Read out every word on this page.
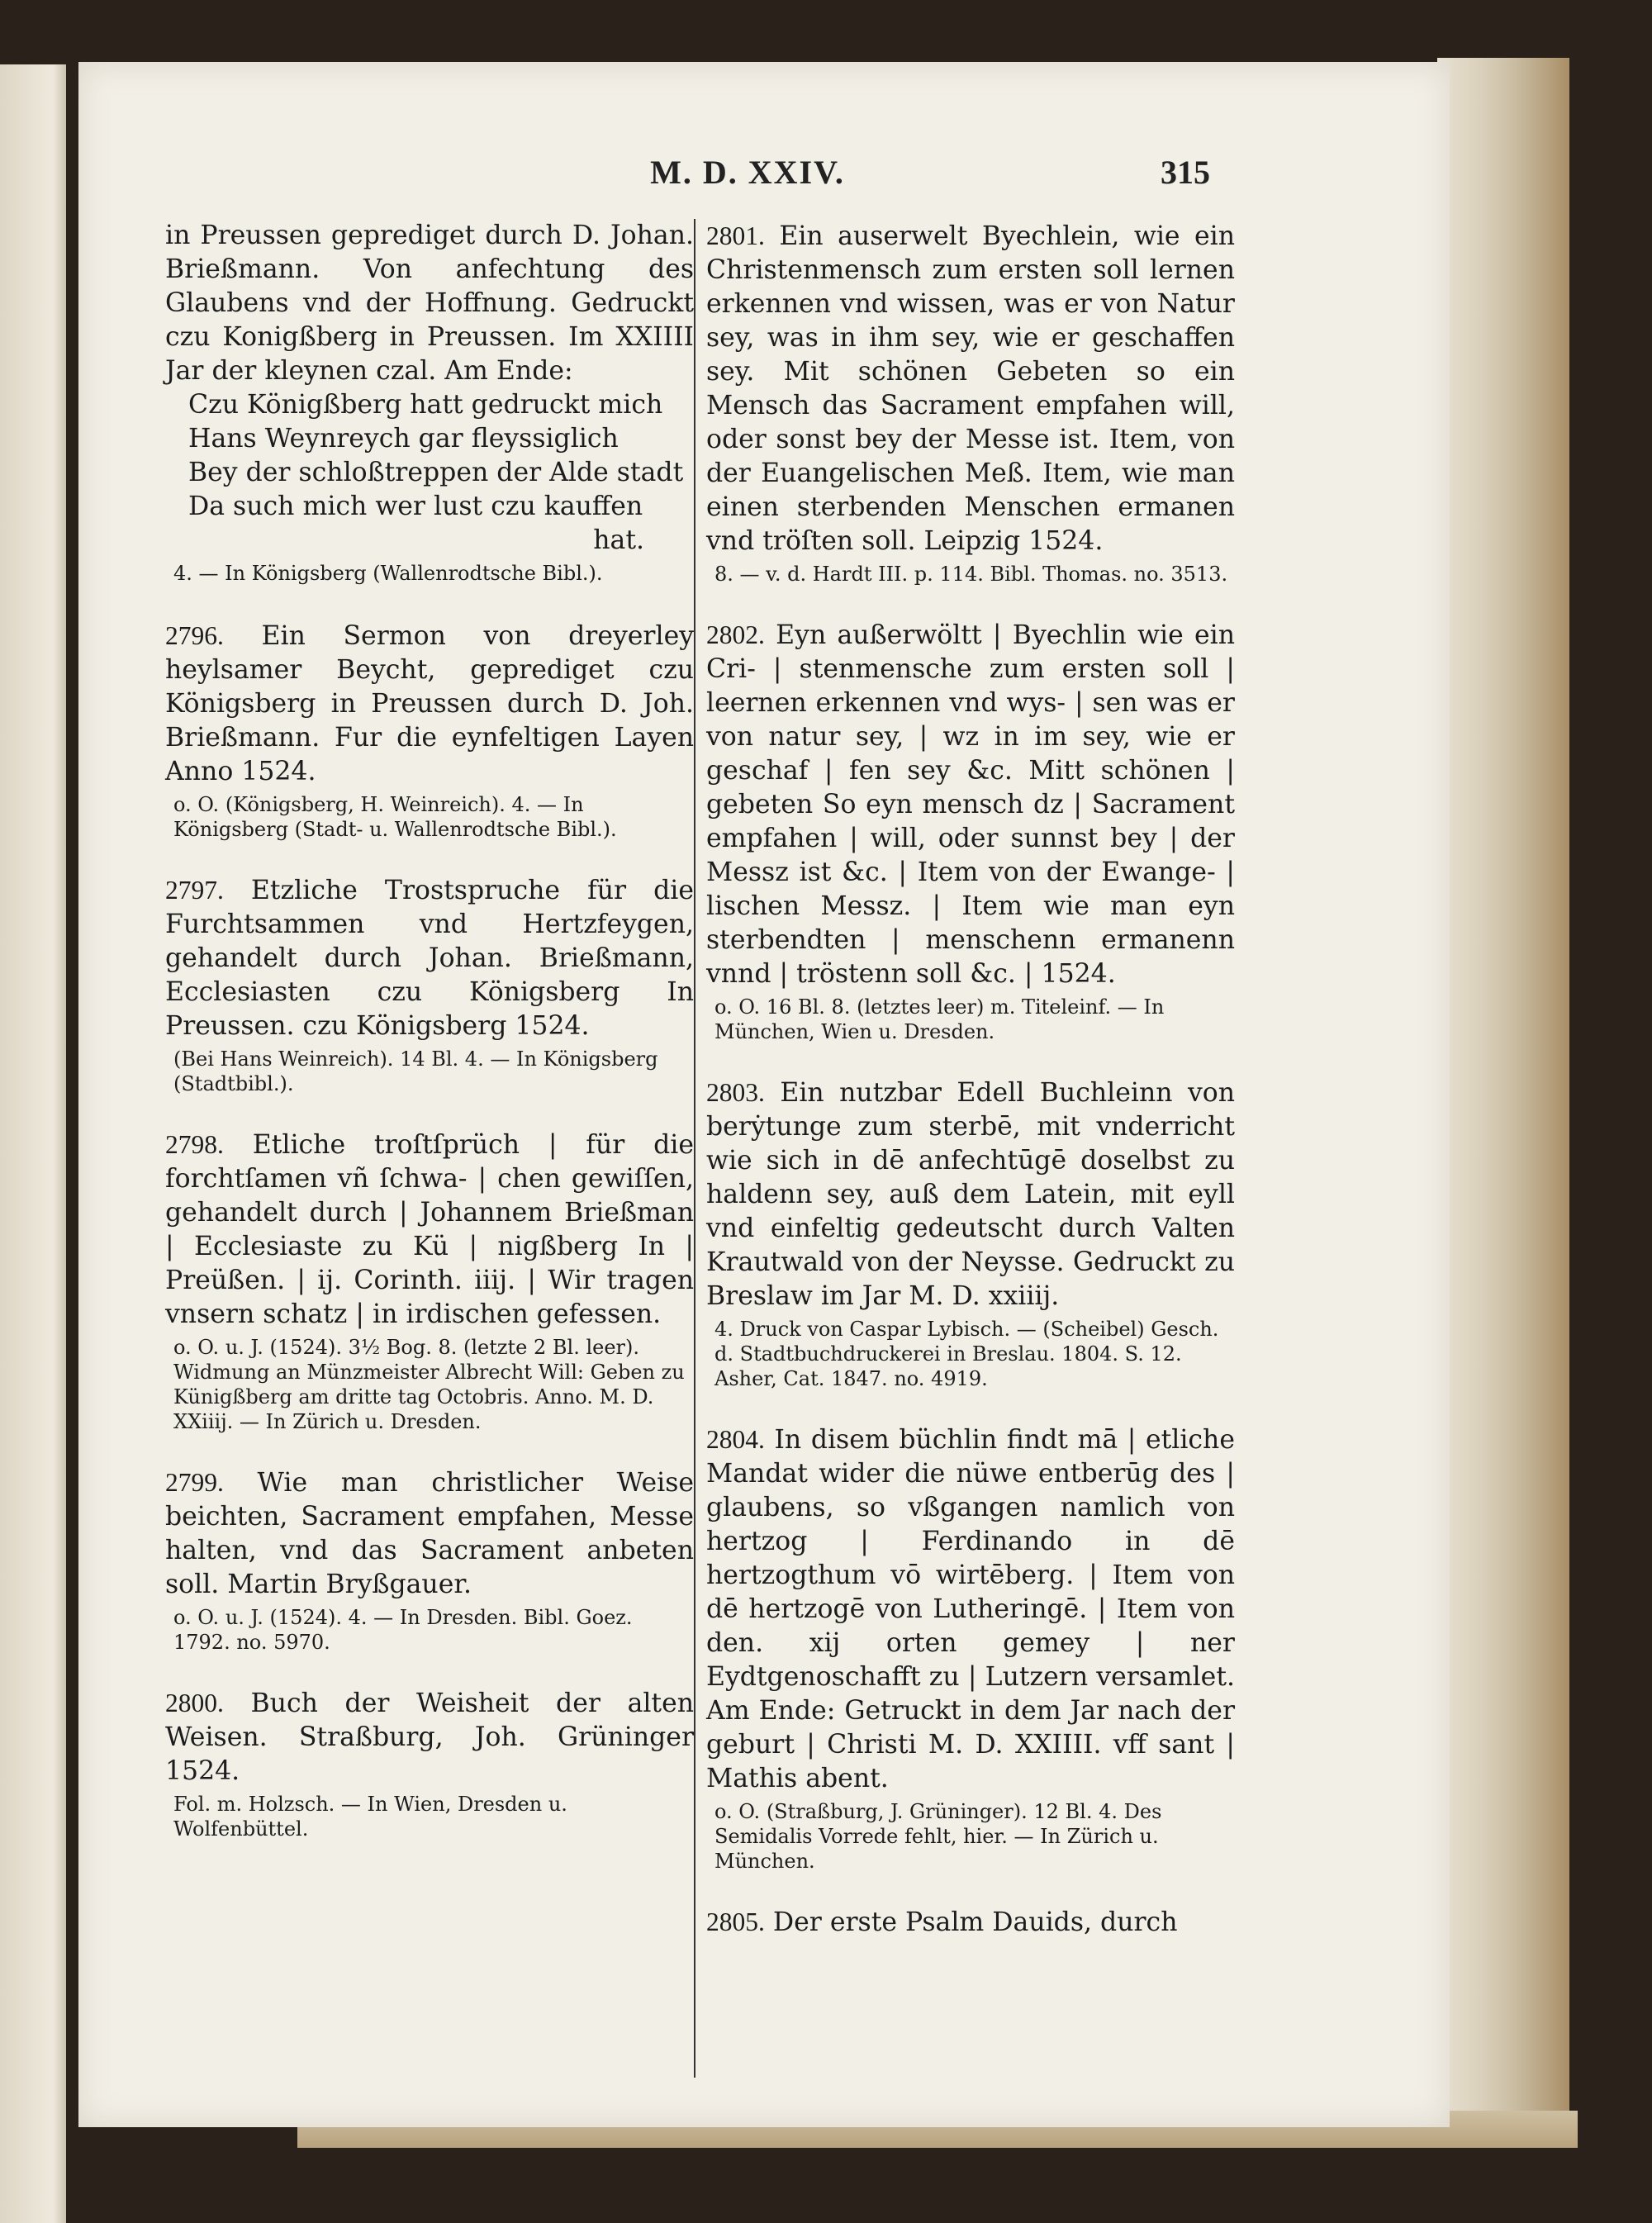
M. D. XXIV.	315

in Preussen geprediget durch D. Johan. Brießmann. Von anfechtung des Glaubens vnd der Hoffnung. Gedruckt czu Konigßberg in Preussen. Im XXIIII Jar der kleynen czal. Am Ende:

Czu Königßberg hatt gedruckt mich

Hans Weynreych gar fleyssiglich

Bey der schloßtreppen der Alde stadt

Da such mich wer lust czu kauffen

hat.

4. — In Königsberg (Wallenrodtsche Bibl.).

2796. Ein Sermon von dreyerley heylsamer Beycht, geprediget czu Königsberg in Preussen durch D. Joh. Brießmann. Fur die eynfeltigen Layen Anno 1524.

o. O. (Königsberg, H. Weinreich). 4. — In Königsberg (Stadt- u. Wallenrodtsche Bibl.).

2797. Etzliche Trostspruche für die Furchtsammen vnd Hertzfeygen, gehandelt durch Johan. Brießmann, Ecclesiasten czu Königsberg In Preussen. czu Königsberg 1524.

(Bei Hans Weinreich). 14 Bl. 4. — In Königsberg (Stadtbibl.).

2798. Etliche troſtſprüch | für die forchtſamen vñ ſchwa- | chen gewiſſen, gehandelt durch | Johannem Brießman | Ecclesiaste zu Kü | nigßberg In | Preüßen. | ij. Corinth. iiij. | Wir tragen vnsern schatz | in irdischen gefessen.

o. O. u. J. (1524). 3½ Bog. 8. (letzte 2 Bl. leer). Widmung an Münzmeister Albrecht Will: Geben zu Künigßberg am dritte tag Octobris. Anno. M. D. XXiiij. — In Zürich u. Dresden.

2799. Wie man christlicher Weise beichten, Sacrament empfahen, Messe halten, vnd das Sacrament anbeten soll. Martin Bryßgauer.

o. O. u. J. (1524). 4. — In Dresden. Bibl. Goez. 1792. no. 5970.

2800. Buch der Weisheit der alten Weisen. Straßburg, Joh. Grüninger 1524.

Fol. m. Holzsch. — In Wien, Dresden u. Wolfenbüttel.

2801. Ein auserwelt Byechlein, wie ein Christenmensch zum ersten soll lernen erkennen vnd wissen, was er von Natur sey, was in ihm sey, wie er geschaffen sey. Mit schönen Gebeten so ein Mensch das Sacrament empfahen will, oder sonst bey der Messe ist. Item, von der Euangelischen Meß. Item, wie man einen sterbenden Menschen ermanen vnd tröſten soll. Leipzig 1524.

8. — v. d. Hardt III. p. 114. Bibl. Thomas. no. 3513.

2802. Eyn außerwöltt | Byechlin wie ein Cri- | stenmensche zum ersten soll | leernen erkennen vnd wys- | sen was er von natur sey, | wz in im sey, wie er geschaf | fen sey &c. Mitt schönen | gebeten So eyn mensch dz | Sacrament empfahen | will, oder sunnst bey | der Messz ist &c. | Item von der Ewange- | lischen Messz. | Item wie man eyn sterbendten | menschenn ermanenn vnnd | tröstenn soll &c. | 1524.

o. O. 16 Bl. 8. (letztes leer) m. Titeleinf. — In München, Wien u. Dresden.

2803. Ein nutzbar Edell Buchleinn von berẏtunge zum sterbē, mit vnderricht wie sich in dē anfechtūgē doselbst zu haldenn sey, auß dem Latein, mit eyll vnd einfeltig gedeutscht durch Valten Krautwald von der Neysse. Gedruckt zu Breslaw im Jar M. D. xxiiij.

4. Druck von Caspar Lybisch. — (Scheibel) Gesch. d. Stadtbuchdruckerei in Breslau. 1804. S. 12. Asher, Cat. 1847. no. 4919.

2804. In disem büchlin findt mā | etliche Mandat wider die nüwe entberūg des | glaubens, so vßgangen namlich von hertzog | Ferdinando in dē hertzogthum vō wirtēberg. | Item von dē hertzogē von Lutheringē. | Item von den. xij orten gemey | ner Eydtgenoschafft zu | Lutzern versamlet. Am Ende: Getruckt in dem Jar nach der geburt | Christi M. D. XXIIII. vff sant | Mathis abent.

o. O. (Straßburg, J. Grüninger). 12 Bl. 4. Des Semidalis Vorrede fehlt, hier. — In Zürich u. München.

2805. Der erste Psalm Dauids, durch
